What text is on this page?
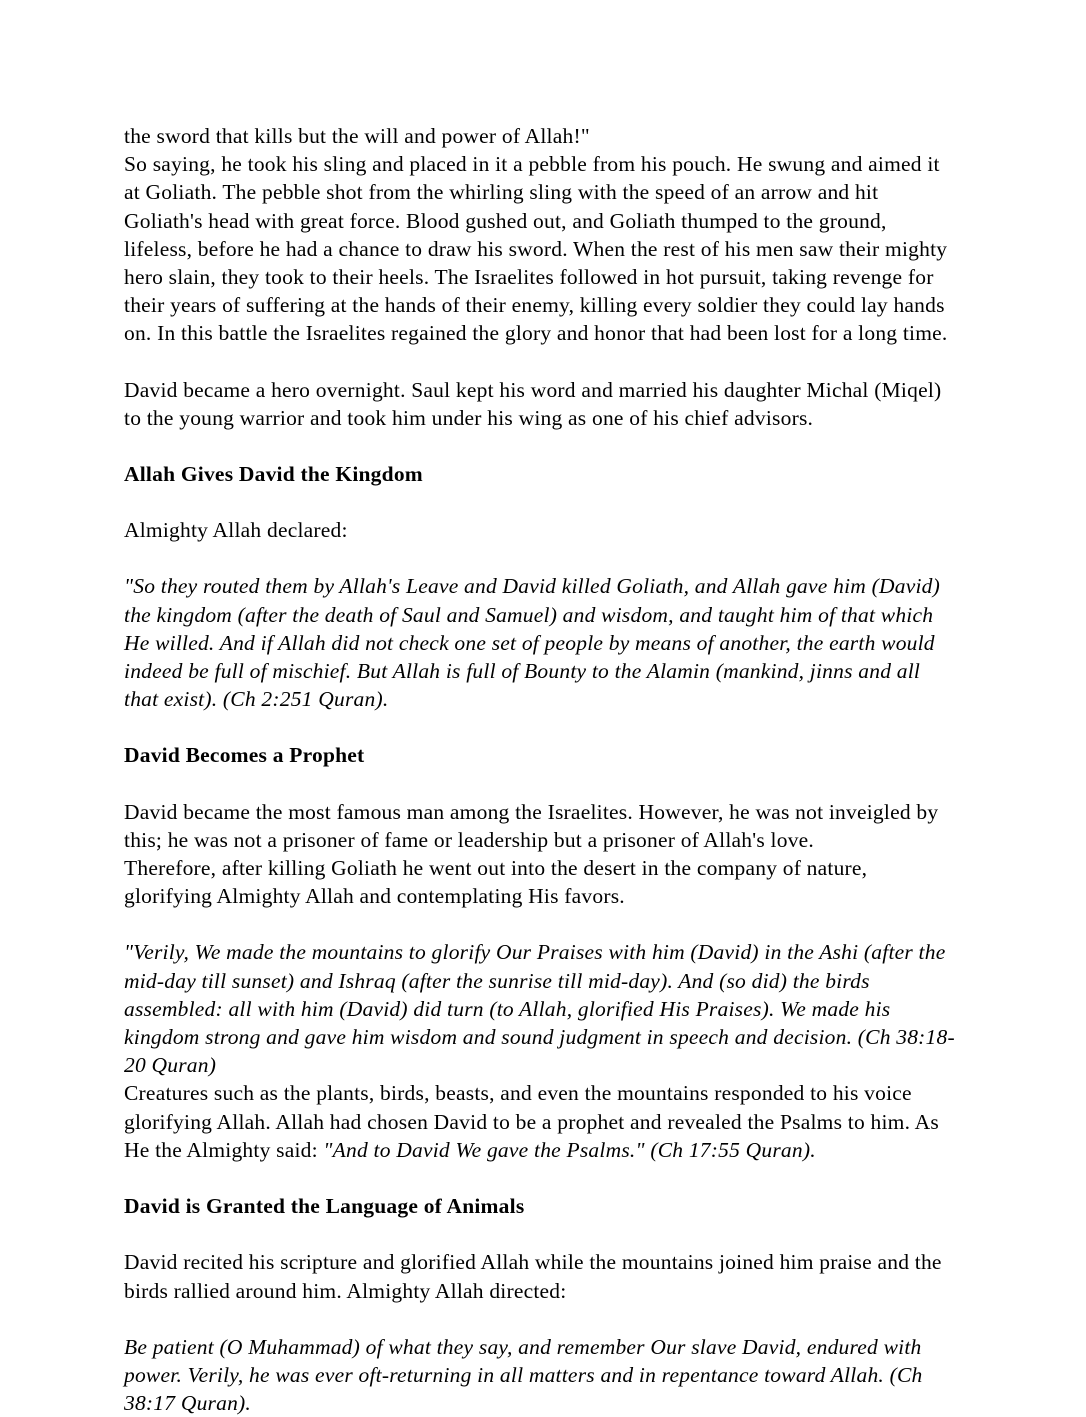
the sword that kills but the will and power of Allah!"

So saying, he took his sling and placed in it a pebble from his pouch. He swung and aimed it at Goliath. The pebble shot from the whirling sling with the speed of an arrow and hit Goliath's head with great force. Blood gushed out, and Goliath thumped to the ground, lifeless, before he had a chance to draw his sword. When the rest of his men saw their mighty hero slain, they took to their heels. The Israelites followed in hot pursuit, taking revenge for their years of suffering at the hands of their enemy, killing every soldier they could lay hands on. In this battle the Israelites regained the glory and honor that had been lost for a long time.

David became a hero overnight. Saul kept his word and married his daughter Michal (Miqel) to the young warrior and took him under his wing as one of his chief advisors.

Allah Gives David the Kingdom

Almighty Allah declared:

"So they routed them by Allah's Leave and David killed Goliath, and Allah gave him (David) the kingdom (after the death of Saul and Samuel) and wisdom, and taught him of that which He willed. And if Allah did not check one set of people by means of another, the earth would indeed be full of mischief. But Allah is full of Bounty to the Alamin (mankind, jinns and all that exist). (Ch 2:251 Quran).

David Becomes a Prophet

David became the most famous man among the Israelites. However, he was not inveigled by this; he was not a prisoner of fame or leadership but a prisoner of Allah's love.

Therefore, after killing Goliath he went out into the desert in the company of nature, glorifying Almighty Allah and contemplating His favors.

"Verily, We made the mountains to glorify Our Praises with him (David) in the Ashi (after the mid-day till sunset) and Ishraq (after the sunrise till mid-day). And (so did) the birds assembled: all with him (David) did turn (to Allah, glorified His Praises). We made his kingdom strong and gave him wisdom and sound judgment in speech and decision. (Ch 38:18-20 Quran)

Creatures such as the plants, birds, beasts, and even the mountains responded to his voice glorifying Allah. Allah had chosen David to be a prophet and revealed the Psalms to him. As He the Almighty said: "And to David We gave the Psalms." (Ch 17:55 Quran).

David is Granted the Language of Animals

David recited his scripture and glorified Allah while the mountains joined him praise and the birds rallied around him. Almighty Allah directed:

Be patient (O Muhammad) of what they say, and remember Our slave David, endured with power. Verily, he was ever oft-returning in all matters and in repentance toward Allah. (Ch 38:17 Quran).
